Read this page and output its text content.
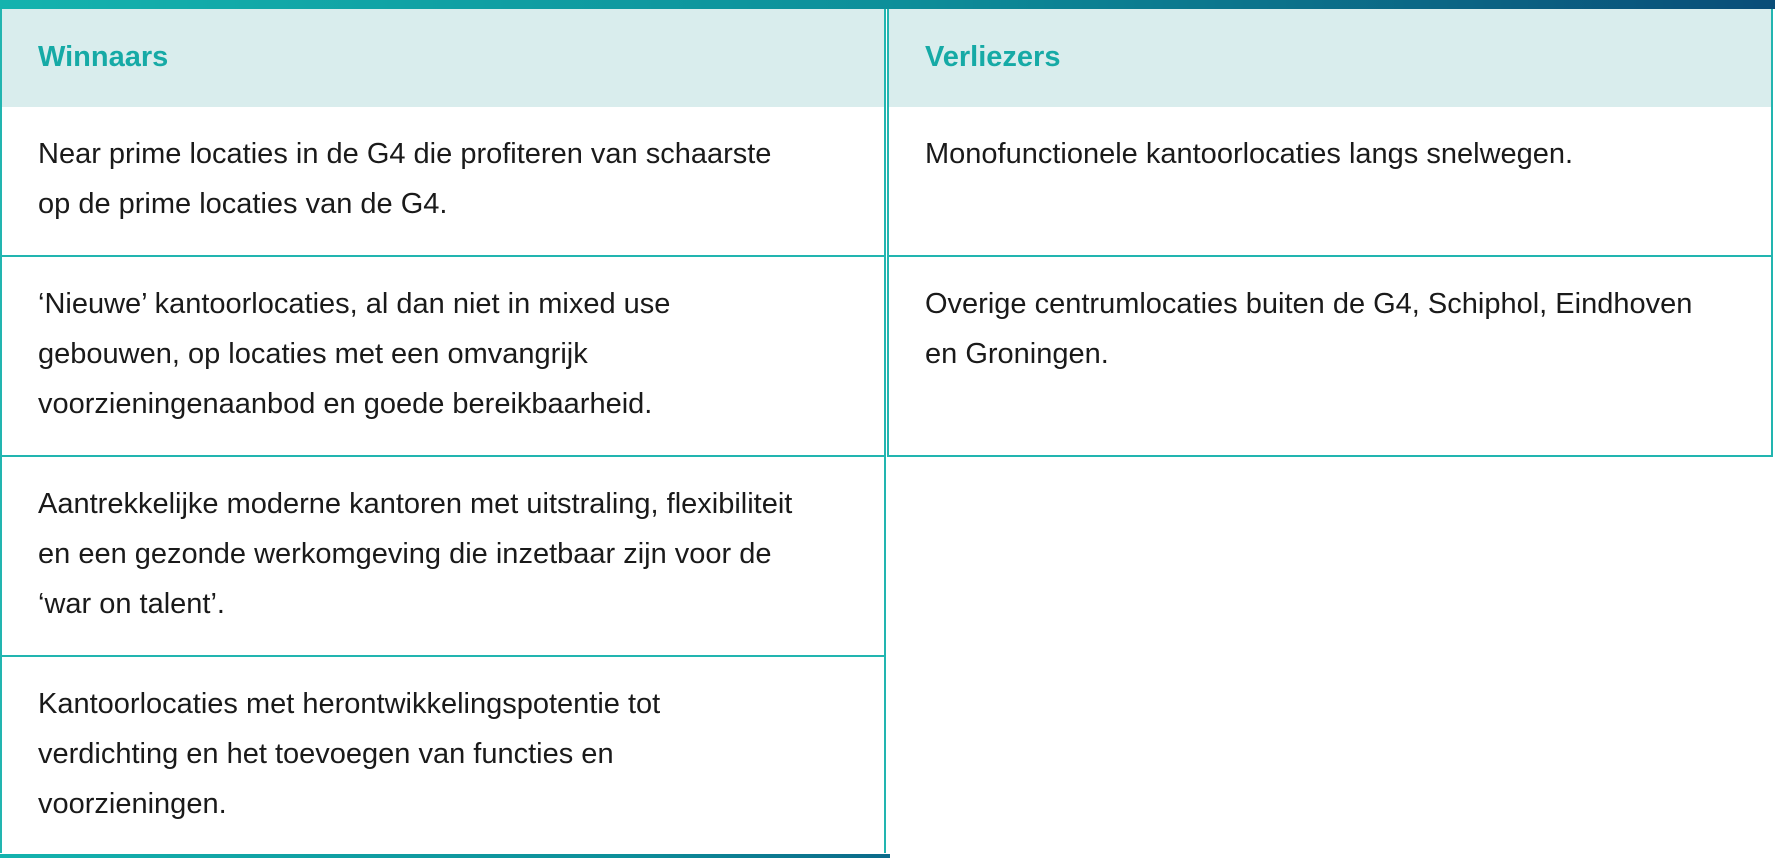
Winnaars
Near prime locaties in de G4 die profiteren van schaarste op de prime locaties van de G4.
‘Nieuwe’ kantoorlocaties, al dan niet in mixed use gebouwen, op locaties met een omvangrijk voorzieningenaanbod en goede bereikbaarheid.
Aantrekkelijke moderne kantoren met uitstraling, flexibiliteit en een gezonde werkomgeving die inzetbaar zijn voor de ‘war on talent’.
Kantoorlocaties met herontwikkelingspotentie tot verdichting en het toevoegen van functies en voorzieningen.
Verliezers
Monofunctionele kantoorlocaties langs snelwegen.
Overige centrumlocaties buiten de G4, Schiphol, Eindhoven en Groningen.
